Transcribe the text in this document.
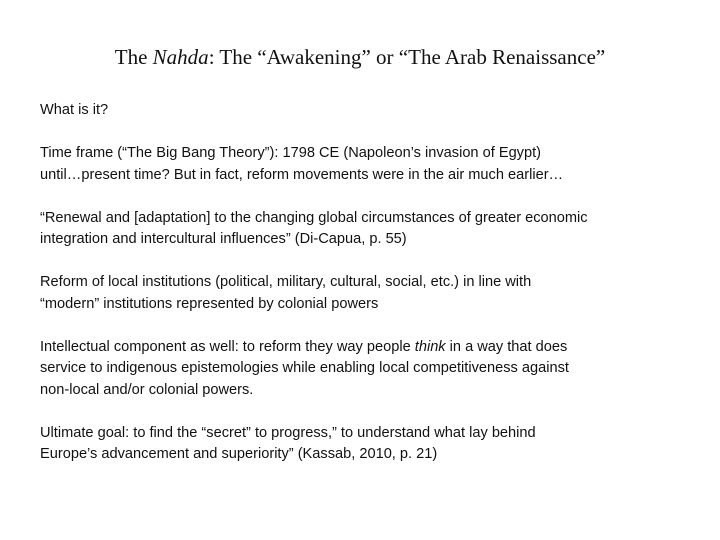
The Nahda: The “Awakening” or “The Arab Renaissance”

What is it?

Time frame (“The Big Bang Theory”): 1798 CE (Napoleon’s invasion of Egypt)
until…present time? But in fact, reform movements were in the air much earlier…

“Renewal and [adaptation] to the changing global circumstances of greater economic
integration and intercultural influences” (Di-Capua, p. 55)

Reform of local institutions (political, military, cultural, social, etc.) in line with
“modern” institutions represented by colonial powers

Intellectual component as well: to reform they way people think in a way that does
service to indigenous epistemologies while enabling local competitiveness against
non-local and/or colonial powers.

Ultimate goal: to find the “secret” to progress,” to understand what lay behind
Europe’s advancement and superiority” (Kassab, 2010, p. 21)
